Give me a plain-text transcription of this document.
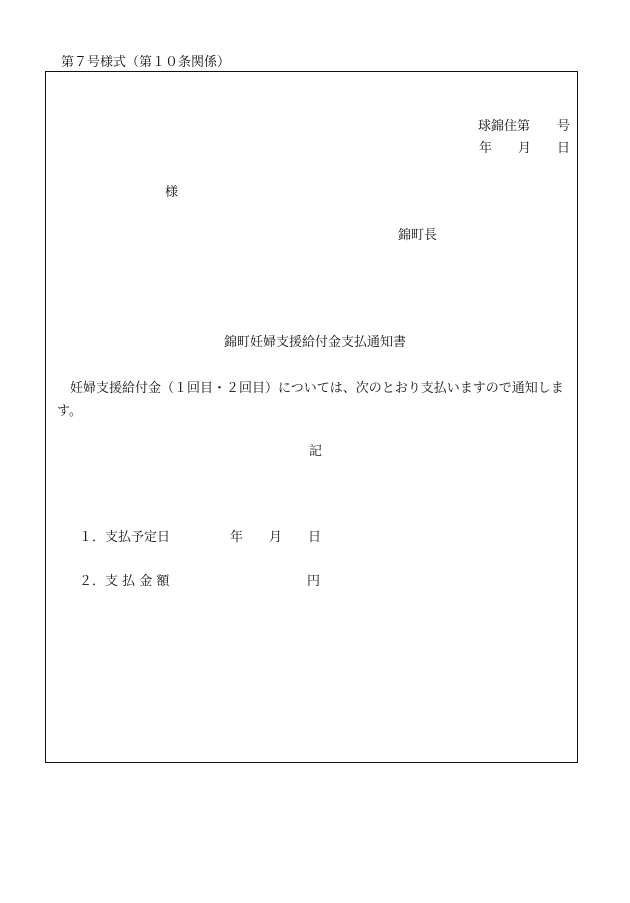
第７号様式（第１０条関係）
球錦住第 号
年 月 日
様
錦町長
錦町妊婦支援給付金支払通知書
妊婦支援給付金（１回目・２回目）については、次のとおり支払いますので通知します。
記
１．支払予定日	年 月 日
２．支 払 金 額	円
